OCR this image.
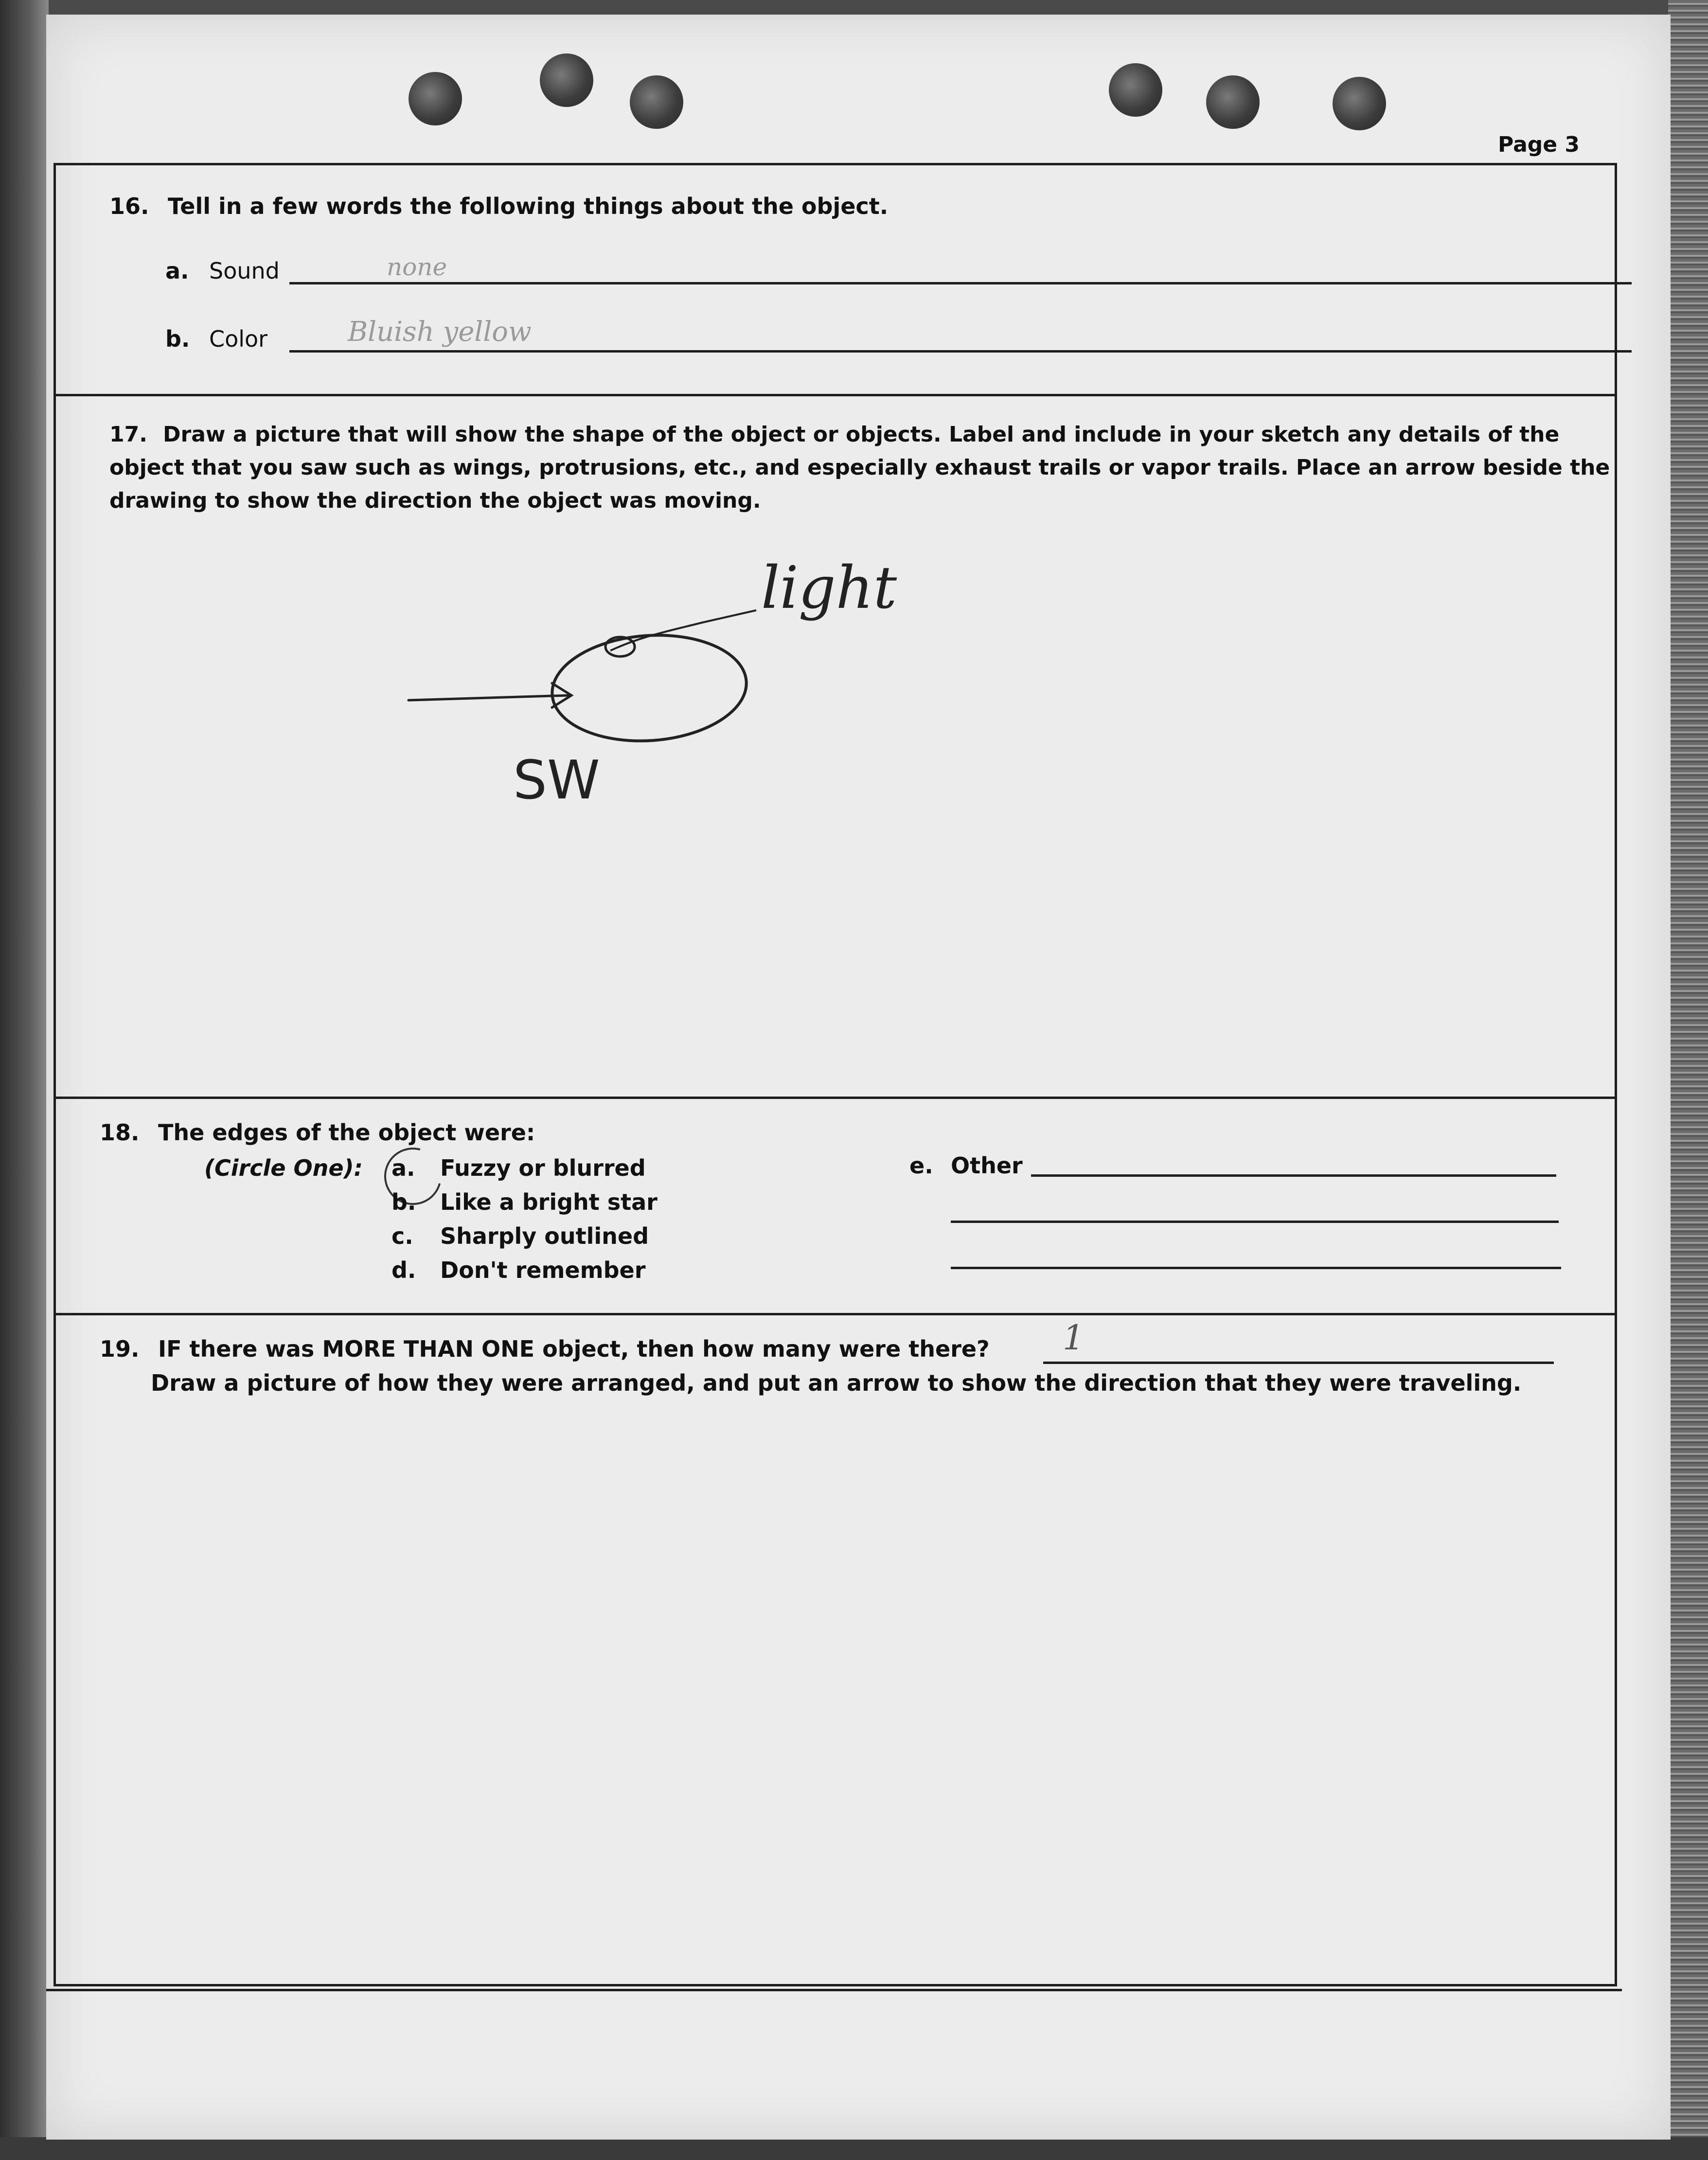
Page 3
16. Tell in a few words the following things about the object.
a. Sound	none
b. Color	Bluish yellow
17. Draw a picture that will show the shape of the object or objects. Label and include in your sketch any details of the object that you saw such as wings, protrusions, etc., and especially exhaust trails or vapor trails. Place an arrow beside the drawing to show the direction the object was moving.
light
SW
18. The edges of the object were:
(Circle One): a. Fuzzy or blurred
b. Like a bright star
c. Sharply outlined
d. Don't remember
e. Other
19. IF there was MORE THAN ONE object, then how many were there? 1
Draw a picture of how they were arranged, and put an arrow to show the direction that they were traveling.
